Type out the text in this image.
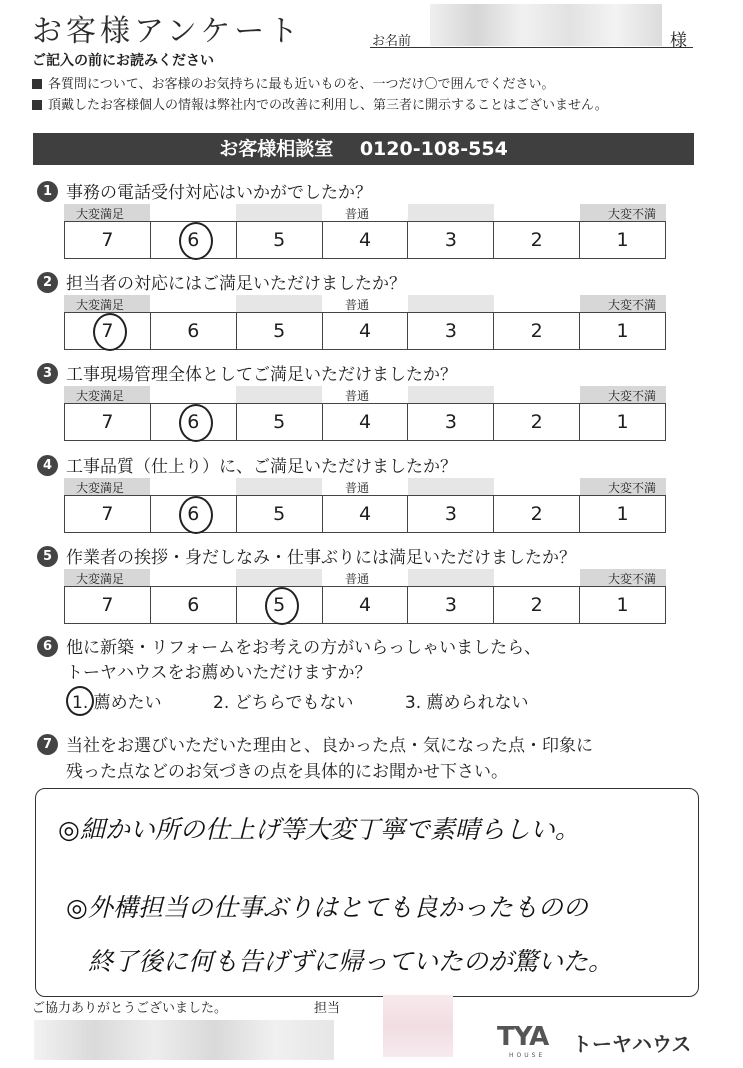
お客様アンケート	お名前	様
ご記入の前にお読みください
各質問について、お客様のお気持ちに最も近いものを、一つだけ〇で囲んでください。
頂戴したお客様個人の情報は弊社内での改善に利用し、第三者に開示することはございません。
お客様相談室 0120-108-554
1 事務の電話受付対応はいかがでしたか？
大変満足	普通	大変不満
7	6	5	4	3	2	1
2 担当者の対応にはご満足いただけましたか？
大変満足	普通	大変不満
7	6	5	4	3	2	1
3 工事現場管理全体としてご満足いただけましたか？
大変満足	普通	大変不満
7	6	5	4	3	2	1
4 工事品質（仕上り）に、ご満足いただけましたか？
大変満足	普通	大変不満
7	6	5	4	3	2	1
5 作業者の挨拶・身だしなみ・仕事ぶりには満足いただけましたか？
大変満足	普通	大変不満
7	6	5	4	3	2	1
6 他に新築・リフォームをお考えの方がいらっしゃいましたら、
トーヤハウスをお薦めいただけますか？
1. 薦めたい	2. どちらでもない	3. 薦められない
7 当社をお選びいただいた理由と、良かった点・気になった点・印象に
残った点などのお気づきの点を具体的にお聞かせ下さい。
◎細かい所の仕上げ等大変丁寧で素晴らしい。
◎外構担当の仕事ぶりはとても良かったものの
終了後に何も告げずに帰っていたのが驚いた。
ご協力ありがとうございました。	担当
TYA
HOUSE トーヤハウス
